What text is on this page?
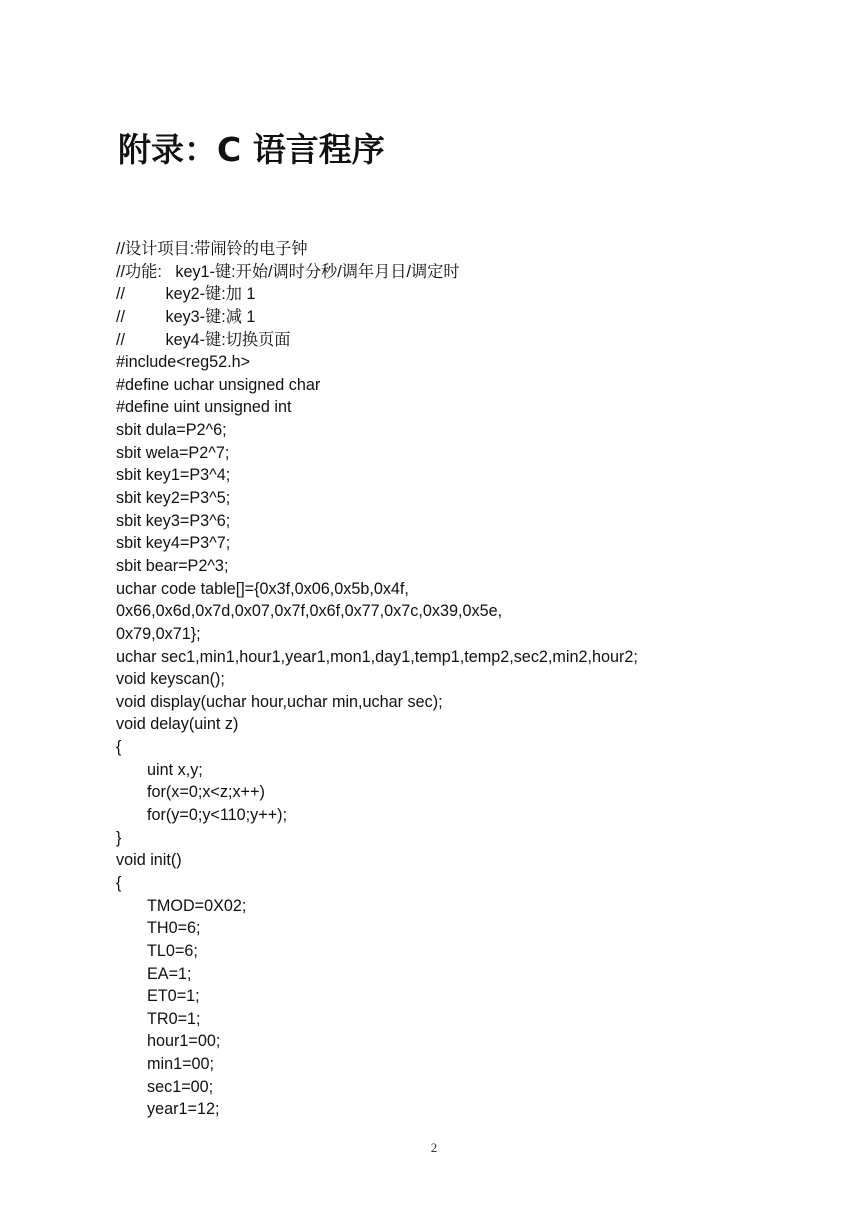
附录：C 语言程序
//设计项目:带闹铃的电子钟
//功能:   key1-键:开始/调时分秒/调年月日/调定时
//         key2-键:加 1
//         key3-键:减 1
//         key4-键:切换页面
#include<reg52.h>
#define uchar unsigned char
#define uint unsigned int
sbit dula=P2^6;
sbit wela=P2^7;
sbit key1=P3^4;
sbit key2=P3^5;
sbit key3=P3^6;
sbit key4=P3^7;
sbit bear=P2^3;
uchar code table[]={0x3f,0x06,0x5b,0x4f,
0x66,0x6d,0x7d,0x07,0x7f,0x6f,0x77,0x7c,0x39,0x5e,
0x79,0x71};
uchar sec1,min1,hour1,year1,mon1,day1,temp1,temp2,sec2,min2,hour2;
void keyscan();
void display(uchar hour,uchar min,uchar sec);
void delay(uint z)
{
uint x,y;
for(x=0;x<z;x++)
for(y=0;y<110;y++);
}
void init()
{
TMOD=0X02;
TH0=6;
TL0=6;
EA=1;
ET0=1;
TR0=1;
hour1=00;
min1=00;
sec1=00;
year1=12;
2
